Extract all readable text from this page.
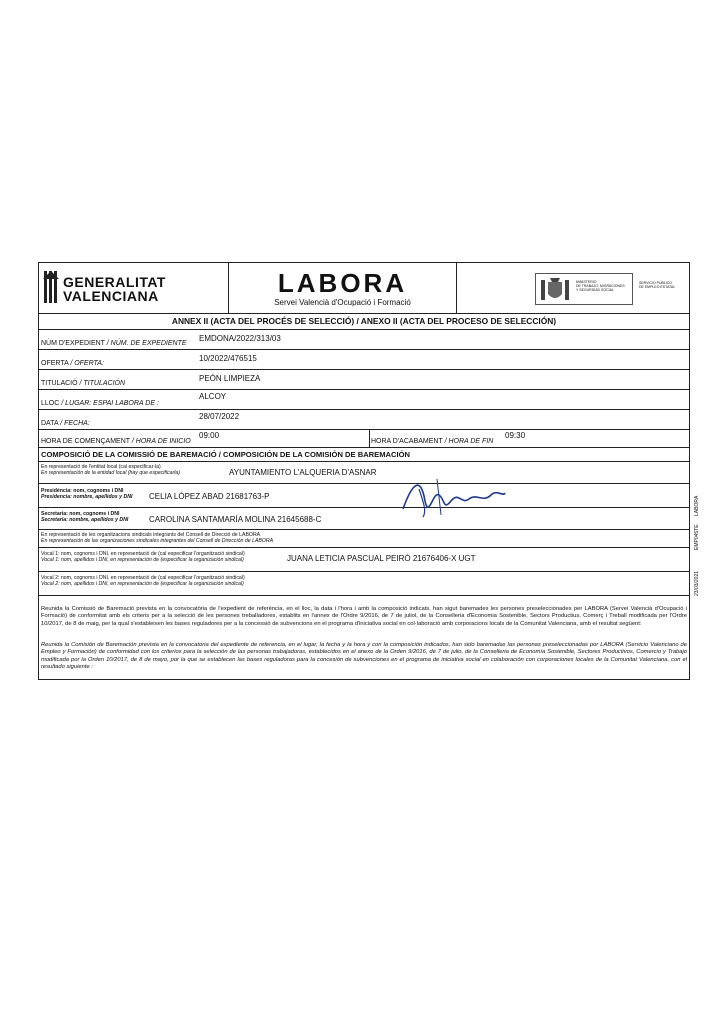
GENERALITAT
VALENCIANA	LABORA
Servei Valencià d'Ocupació i Formació
MINISTERIO
DE TRABAJO, MIGRACIONES
Y SEGURIDAD SOCIAL
SERVICIO PÚBLICO
DE EMPLEO ESTATAL
ANNEX II (ACTA DEL PROCÉS DE SELECCIÓ) / ANEXO II (ACTA DEL PROCESO DE SELECCIÓN)
NÚM D'EXPEDIENT / NÚM. DE EXPEDIENTE
EMDONA/2022/313/03
OFERTA / OFERTA:
10/2022/476515
TITULACIÓ / TITULACIÓN
PEÓN LIMPIEZA
LLOC / LUGAR: ESPAI LABORA DE :
ALCOY
DATA / FECHA:
28/07/2022
HORA DE COMENÇAMENT / HORA DE INICIO
09:00
HORA D'ACABAMENT / HORA DE FIN
09:30
COMPOSICIÓ DE LA COMISSIÓ DE BAREMACIÓ / COMPOSICIÓN DE LA COMISIÓN DE BAREMACIÓN
En representació de l'entitat local (cal especificar-la)
En representación de la entidad local (hay que especificarla)	AYUNTAMIENTO L'ALQUERIA D'ASNAR
Presidència: nom, cognoms i DNI
Presidencia: nombre, apellidos y DNI CELIA LÓPEZ ABAD 21681763-P
Secretaria: nom, cognoms i DNI
Secretaría: nombre, apellidos y DNI	CAROLINA SANTAMARÍA MOLINA 21645688-C
En representació de les organitzacions sindicals integrants del Consell de Direcció de LABORA
En representación de las organizaciones sindicales integrantes del Consell de Dirección de LABORA
Vocal 1: nom, cognoms i DNI, en representació de (cal especificar l'organització sindical)
Vocal 1: nom, apellidos i DNI, en representación de (especificar la organización sindical)	JUANA LETICIA PASCUAL PEIRÓ 21676406-X UGT
Vocal 2: nom, cognoms i DNI, en representació de (cal especificar l'organització sindical)
Vocal 2: nom, apellidos i DNI, en representación de (especificar la organización sindical)
Reunida la Comissió de Baremació prevista en la convocatòria de l'expedient de referència, en el lloc, la data i l'hora i amb la composició indicats, han sigut baremades les persones preseleccionades per LABORA (Servei Valencià d'Ocupació i Formació) de conformitat amb els criteris per a la selecció de les persones treballadores, establits en l'annex de l'Ordre 9/2016, de 7 de juliol, de la Conselleria d'Economia Sostenible, Sectors Productius, Comerç i Treball modificada per l'Ordre 10/2017, de 8 de maig, per la qual s'estableixen les bases reguladores per a la concessió de subvencions en el programa d'iniciativa social en col·laboració amb corporacions locals de la Comunitat Valenciana, amb el resultat següent:
Reunida la Comisión de Baremación prevista en la convocatoria del expediente de referencia, en el lugar, la fecha y la hora y con la composición indicados, han sido baremadas las personas preseleccionadas por LABORA (Servicio Valenciano de Empleo y Formación) de conformidad con los criterios para la selección de las personas trabajadoras, establecidos en el anexo de la Orden 9/2016, de 7 de julio, de la Conselleria de Economía Sostenible, Sectores Productivos, Comercio y Trabajo modificada por la Orden 10/2017, de 8 de mayo, por la que se establecen las bases reguladoras para la concesión de subvenciones en el programa de iniciativa social en colaboración con corporaciones locales de la Comunitat Valenciana, con el resultado siguiente :
LABORA
EMP045TE
23/03/2021
